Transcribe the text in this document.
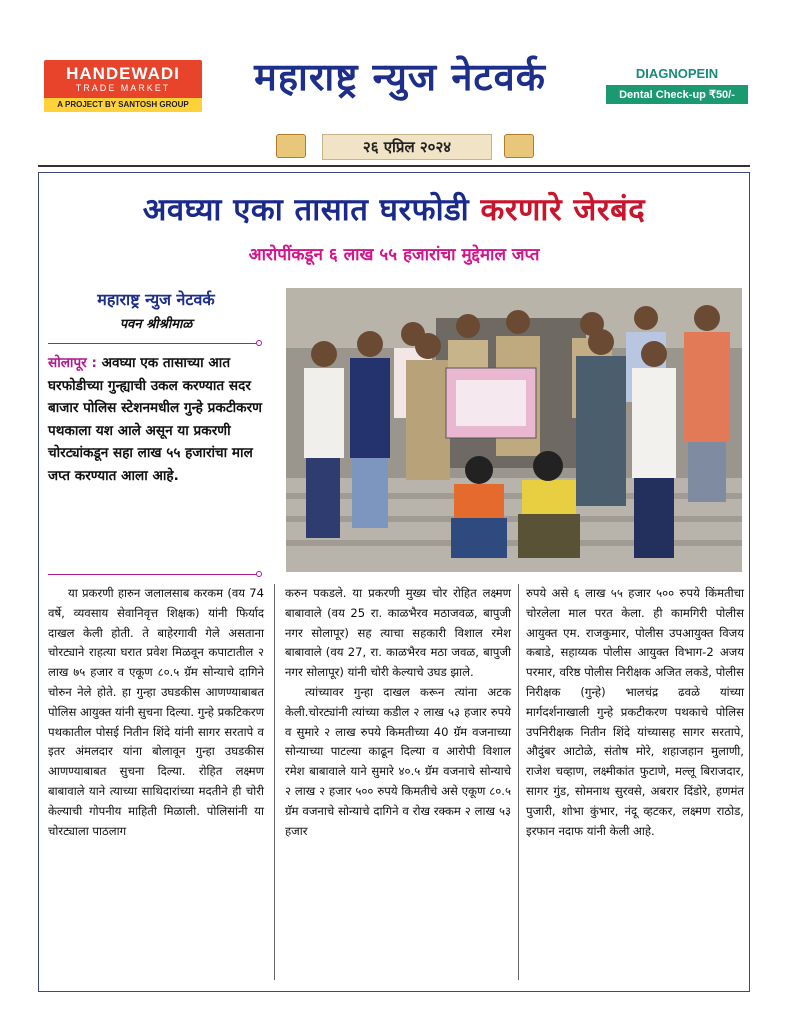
HANDEWADI
TRADE MARKET
A PROJECT BY SANTOSH GROUP
महाराष्ट्र न्युज नेटवर्क	DIAGNOPEIN
Dental Check-up ₹50/-
२६ एप्रिल २०२४
अवघ्या एका तासात घरफोडी करणारे जेरबंद
आरोपींकडून ६ लाख ५५ हजारांचा मुद्देमाल जप्त
महाराष्ट्र न्युज नेटवर्क
पवन श्रीश्रीमाळ
सोलापूर : अवघ्या एक तासाच्या आत घरफोडीच्या गुन्ह्याची उकल करण्यात सदर बाजार पोलिस स्टेशनमधील गुन्हे प्रकटीकरण पथकाला यश आले असून या प्रकरणी चोरट्यांकडून सहा लाख ५५ हजारांचा माल जप्त करण्यात आला आहे.

या प्रकरणी हारुन जलालसाब करकम (वय 74 वर्षे, व्यवसाय सेवानिवृत्त शिक्षक) यांनी फिर्याद दाखल केली होती. ते बाहेरगावी गेले असताना चोरट्याने राहत्या घरात प्रवेश मिळवून कपाटातील २ लाख ७५ हजार व एकूण ८०.५ ग्रॅम सोन्याचे दागिने चोरुन नेले होते. हा गुन्हा उघडकीस आणण्याबाबत पोलिस आयुक्त यांनी सुचना दिल्या. गुन्हे प्रकटिकरण पथकातील पोसई नितीन शिंदे यांनी सागर सरतापे व इतर अंमलदार यांना बोलावून गुन्हा उघडकीस आणण्याबाबत सुचना दिल्या. रोहित लक्ष्मण बाबावाले याने त्याच्या साथिदारांच्या मदतीने ही चोरी केल्याची गोपनीय माहिती मिळाली. पोलिसांनी या चोरट्याला पाठलाग

करुन पकडले. या प्रकरणी मुख्य चोर रोहित लक्ष्मण बाबावाले (वय 25 रा. काळभैरव मठाजवळ, बापुजी नगर सोलापूर) सह त्याचा सहकारी विशाल रमेश बाबावाले (वय 27, रा. काळभैरव मठा जवळ, बापुजी नगर सोलापूर) यांनी चोरी केल्याचे उघड झाले.

त्यांच्यावर गुन्हा दाखल करून त्यांना अटक केली.चोरट्यांनी त्यांच्या कडील २ लाख ५३ हजार रुपये व सुमारे २ लाख रुपये किमतीच्या 40 ग्रॅम वजनाच्या सोन्याच्या पाटल्या काढून दिल्या व आरोपी विशाल रमेश बाबावाले याने सुमारे ४०.५ ग्रॅम वजनाचे सोन्याचे २ लाख २ हजार ५०० रुपये किमतीचे असे एकूण ८०.५ ग्रॅम वजनाचे सोन्याचे दागिने व रोख रक्कम २ लाख ५३ हजार

रुपये असे ६ लाख ५५ हजार ५०० रुपये किंमतीचा चोरलेला माल परत केला. ही कामगिरी पोलीस आयुक्त एम. राजकुमार, पोलीस उपआयुक्त विजय कबाडे, सहाय्यक पोलीस आयुक्त विभाग-2 अजय परमार, वरिष्ठ पोलीस निरीक्षक अजित लकडे, पोलीस निरीक्षक (गुन्हे) भालचंद्र ढवळे यांच्या मार्गदर्शनाखाली गुन्हे प्रकटीकरण पथकाचे पोलिस उपनिरीक्षक नितीन शिंदे यांच्यासह सागर सरतापे, औदुंबर आटोळे, संतोष मोरे, शहाजहान मुलाणी, राजेश चव्हाण, लक्ष्मीकांत फुटाणे, मल्लू बिराजदार, सागर गुंड, सोमनाथ सुरवसे, अबरार दिंडोरे, हणमंत पुजारी, शोभा कुंभार, नंदू व्हटकर, लक्ष्मण राठोड, इरफान नदाफ यांनी केली आहे.
